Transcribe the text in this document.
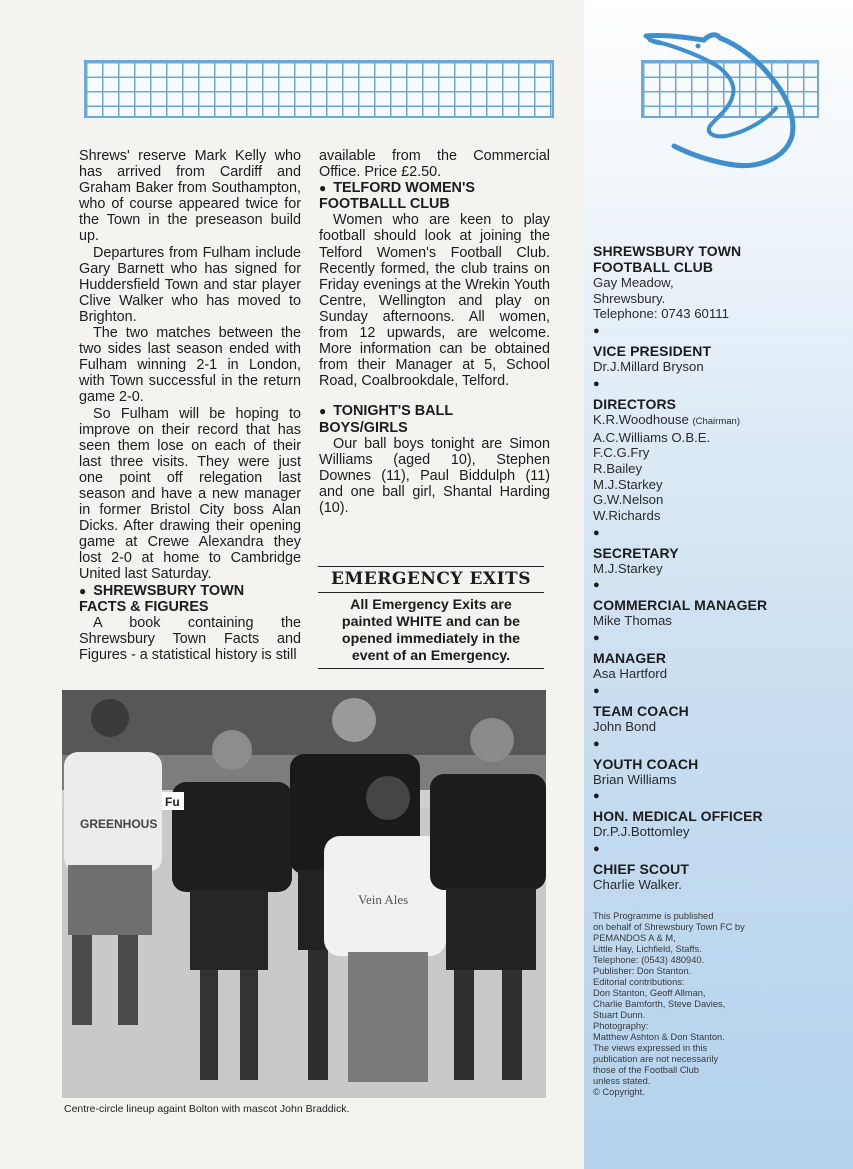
Shrews' reserve Mark Kelly who has arrived from Cardiff and Graham Baker from Southampton, who of course appeared twice for the Town in the preseason build up.

Departures from Fulham include Gary Barnett who has signed for Huddersfield Town and star player Clive Walker who has moved to Brighton.

The two matches between the two sides last season ended with Fulham winning 2-1 in London, with Town successful in the return game 2-0.

So Fulham will be hoping to improve on their record that has seen them lose on each of their last three visits. They were just one point off relegation last season and have a new manager in former Bristol City boss Alan Dicks. After drawing their opening game at Crewe Alexandra they lost 2-0 at home to Cambridge United last Saturday.

● SHREWSBURY TOWN
FACTS & FIGURES

A book containing the Shrewsbury Town Facts and Figures - a statistical history is still

available from the Commercial Office. Price £2.50.

● TELFORD WOMEN'S
FOOTBALLL CLUB

Women who are keen to play football should look at joining the Telford Women's Football Club. Recently formed, the club trains on Friday evenings at the Wrekin Youth Centre, Wellington and play on Sunday afternoons. All women, from 12 upwards, are welcome. More information can be obtained from their Manager at 5, School Road, Coalbrookdale, Telford.

● TONIGHT'S BALL
BOYS/GIRLS

Our ball boys tonight are Simon Williams (aged 10), Stephen Downes (11), Paul Biddulph (11) and one ball girl, Shantal Harding (10).

EMERGENCY EXITS
All Emergency Exits are
painted WHITE and can be
opened immediately in the
event of an Emergency.
GREENHOUS
Vein Ales
Fu
Centre-circle lineup againt Bolton with mascot John Braddick.
SHREWSBURY TOWN
FOOTBALL CLUB
Gay Meadow,
Shrewsbury.
Telephone: 0743 60111
●
VICE PRESIDENT
Dr.J.Millard Bryson
●
DIRECTORS
K.R.Woodhouse (Chairman)
A.C.Williams O.B.E.
F.C.G.Fry
R.Bailey
M.J.Starkey
G.W.Nelson
W.Richards
●
SECRETARY
M.J.Starkey
●
COMMERCIAL MANAGER
Mike Thomas
●
MANAGER
Asa Hartford
●
TEAM COACH
John Bond
●
YOUTH COACH
Brian Williams
●
HON. MEDICAL OFFICER
Dr.P.J.Bottomley
●
CHIEF SCOUT
Charlie Walker.
This Programme is published
on behalf of Shrewsbury Town FC by
PEMANDOS A & M,
Little Hay, Lichfield, Staffs.
Telephone: (0543) 480940.
Publisher: Don Stanton.
Editorial contributions:
Don Stanton, Geoff Allman,
Charlie Bamforth, Steve Davies,
Stuart Dunn.
Photography:
Matthew Ashton & Don Stanton.
The views expressed in this
publication are not necessarily
those of the Football Club
unless stated.
© Copyright.
